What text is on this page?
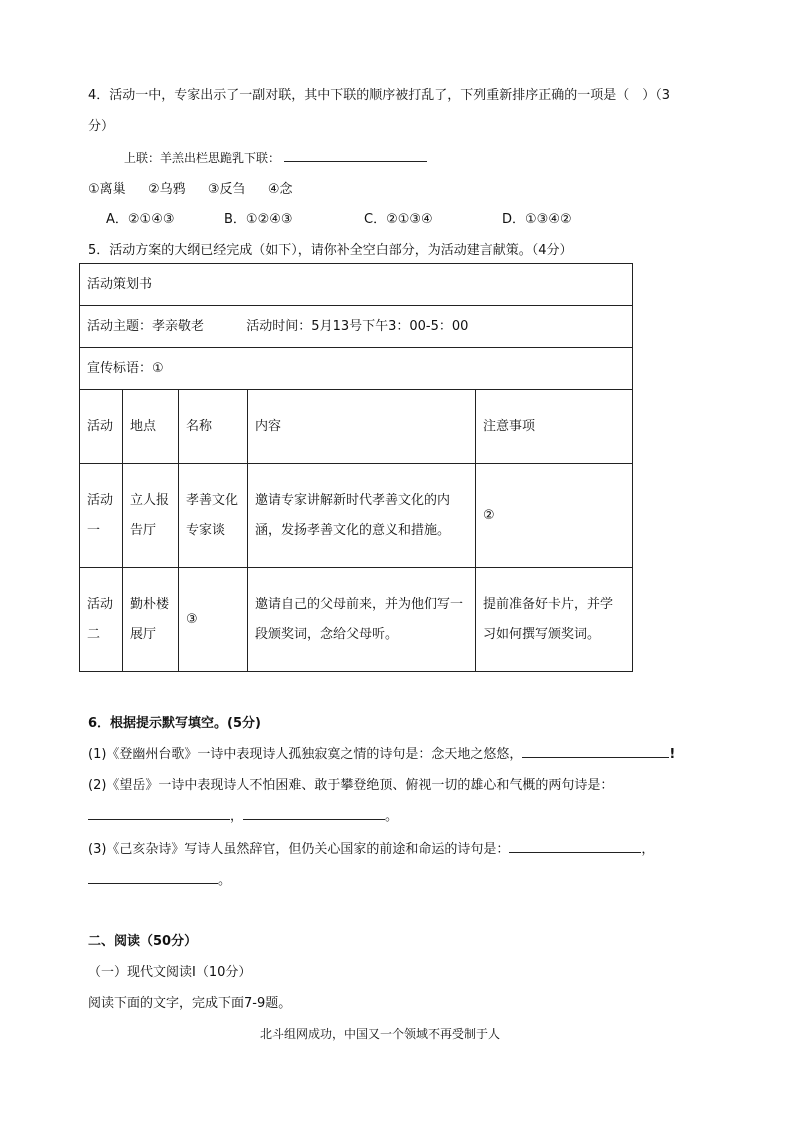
4．活动一中，专家出示了一副对联，其中下联的顺序被打乱了，下列重新排序正确的一项是（　）（3
分）
上联：羊羔出栏思跪乳下联：
①离巢 ②乌鸦 ③反刍 ④念
A．②①④③	B．①②④③	C．②①③④	D．①③④②
5．活动方案的大纲已经完成（如下），请你补全空白部分，为活动建言献策。（4分）
活动策划书				
活动主题：孝亲敬老 活动时间：5月13号下午3：00-5：00				
宣传标语：①				
活动	地点	名称	内容	注意事项
活动一	立人报告厅	孝善文化专家谈	邀请专家讲解新时代孝善文化的内涵，发扬孝善文化的意义和措施。	②
活动二	勤朴楼展厅	③	邀请自己的父母前来，并为他们写一段颁奖词，念给父母听。	提前准备好卡片，并学习如何撰写颁奖词。
6．根据提示默写填空。(5分)
(1)《登幽州台歌》一诗中表现诗人孤独寂寞之情的诗句是：念天地之悠悠，	!
(2)《望岳》一诗中表现诗人不怕困难、敢于攀登绝顶、俯视一切的雄心和气概的两句诗是：
，	。
(3)《己亥杂诗》写诗人虽然辞官，但仍关心国家的前途和命运的诗句是：	，
。
二、阅读（50分）
（一）现代文阅读Ⅰ（10分）
阅读下面的文字，完成下面7-9题。
北斗组网成功，中国又一个领域不再受制于人
